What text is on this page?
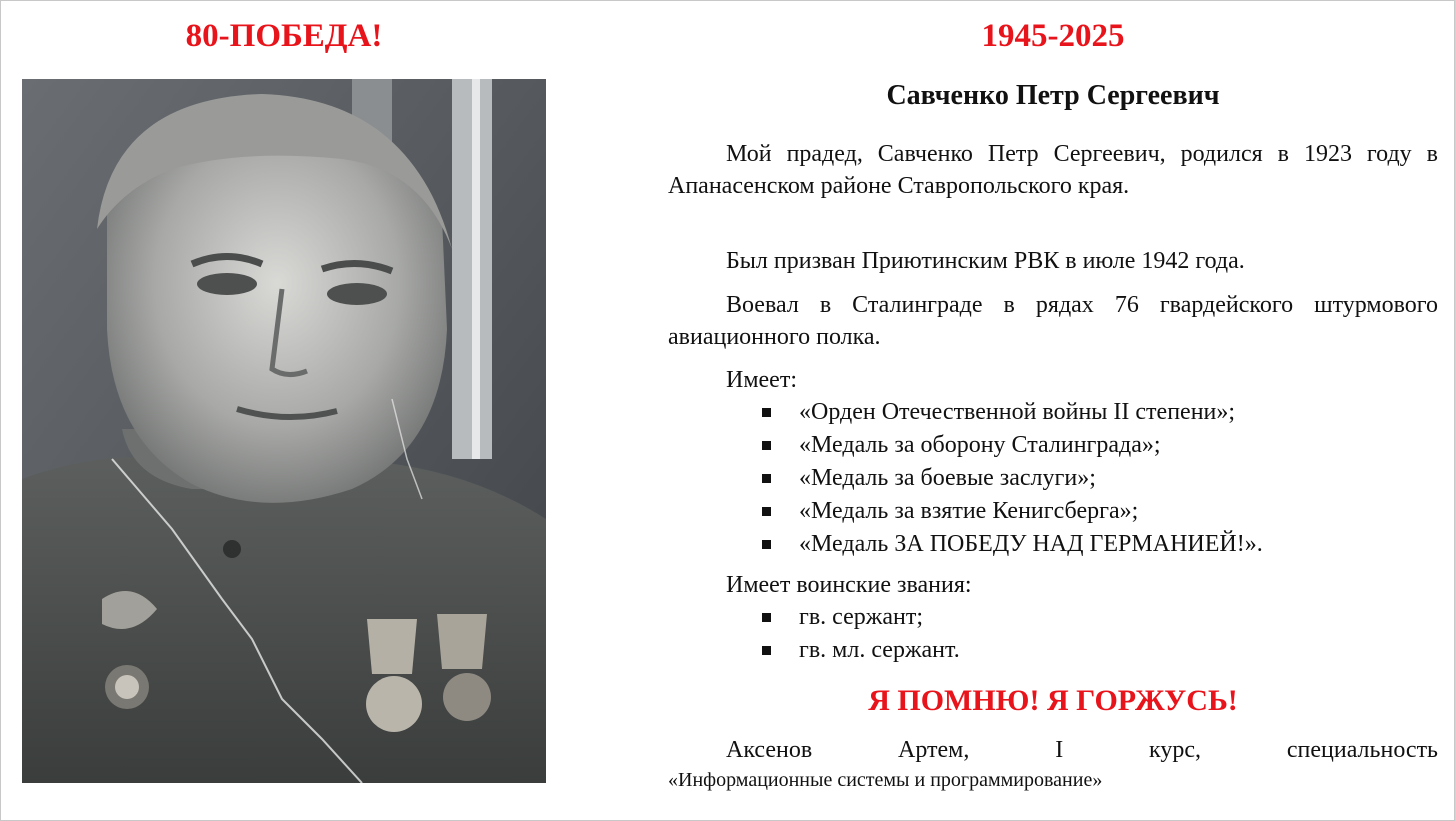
80-ПОБЕДА!	1945-2025
Савченко Петр Сергеевич
Мой прадед, Савченко Петр Сергеевич, родился в 1923 году в Апанасенском районе Ставропольского края.
Был призван Приютинским РВК в июле 1942 года.
Воевал в Сталинграде в рядах 76 гвардейского штурмового авиационного полка.
Имеет:
«Орден Отечественной войны II степени»;
«Медаль за оборону Сталинграда»;
«Медаль за боевые заслуги»;
«Медаль за взятие Кенигсберга»;
«Медаль ЗА ПОБЕДУ НАД ГЕРМАНИЕЙ!».
Имеет воинские звания:
гв. сержант;
гв. мл. сержант.
Я ПОМНЮ! Я ГОРЖУСЬ!
Аксенов Артем, I курс, специальность
«Информационные системы и программирование»
